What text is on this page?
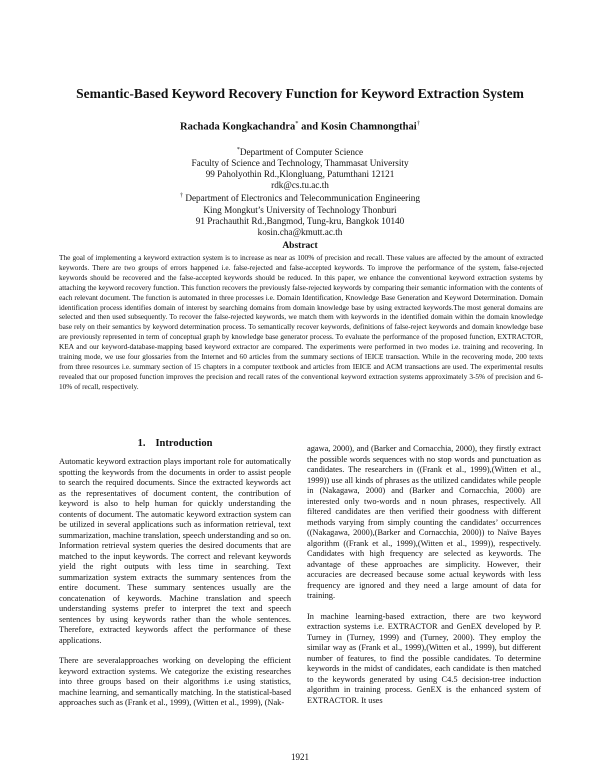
Semantic-Based Keyword Recovery Function for Keyword Extraction System
Rachada Kongkachandra* and Kosin Chamnongthai†
*Department of Computer Science
Faculty of Science and Technology, Thammasat University
99 Paholyothin Rd.,Klongluang, Patumthani 12121
rdk@cs.tu.ac.th
† Department of Electronics and Telecommunication Engineering
King Mongkut’s University of Technology Thonburi
91 Prachauthit Rd.,Bangmod, Tung-kru, Bangkok 10140
kosin.cha@kmutt.ac.th
Abstract
The goal of implementing a keyword extraction system is to increase as near as 100% of precision and recall. These values are affected by the amount of extracted keywords. There are two groups of errors happened i.e. false-rejected and false-accepted keywords. To improve the performance of the system, false-rejected keywords should be recovered and the false-accepted keywords should be reduced. In this paper, we enhance the conventional keyword extraction systems by attaching the keyword recovery function. This function recovers the previously false-rejected keywords by comparing their semantic information with the contents of each relevant document. The function is automated in three processes i.e. Domain Identification, Knowledge Base Generation and Keyword Determination. Domain identification process identifies domain of interest by searching domains from domain knowledge base by using extracted keywords.The most general domains are selected and then used subsequently. To recover the false-rejected keywords, we match them with keywords in the identified domain within the domain knowledge base rely on their semantics by keyword determination process. To semantically recover keywords, definitions of false-reject keywords and domain knowledge base are previously represented in term of conceptual graph by knowledge base generator process. To evaluate the performance of the proposed function, EXTRACTOR, KEA and our keyword-database-mapping based keyword extractor are compared. The experiments were performed in two modes i.e. training and recovering. In training mode, we use four glossaries from the Internet and 60 articles from the summary sections of IEICE transaction. While in the recovering mode, 200 texts from three resources i.e. summary section of 15 chapters in a computer textbook and articles from IEICE and ACM transactions are used. The experimental results revealed that our proposed function improves the precision and recall rates of the conventional keyword extraction systems approximately 3-5% of precision and 6-10% of recall, respectively.
1. Introduction

Automatic keyword extraction plays important role for automatically spotting the keywords from the documents in order to assist people to search the required documents. Since the extracted keywords act as the representatives of document content, the contribution of keyword is also to help human for quickly understanding the contents of document. The automatic keyword extraction system can be utilized in several applications such as information retrieval, text summarization, machine translation, speech understanding and so on. Information retrieval system queries the desired documents that are matched to the input keywords. The correct and relevant keywords yield the right outputs with less time in searching. Text summarization system extracts the summary sentences from the entire document. These summary sentences usually are the concatenation of keywords. Machine translation and speech understanding systems prefer to interpret the text and speech sentences by using keywords rather than the whole sentences. Therefore, extracted keywords affect the performance of these applications.

There are severalapproaches working on developing the efficient keyword extraction systems. We categorize the existing researches into three groups based on their algorithms i.e using statistics, machine learning, and semantically matching. In the statistical-based approaches such as (Frank et al., 1999), (Witten et al., 1999), (Nak-

agawa, 2000), and (Barker and Cornacchia, 2000), they firstly extract the possible words sequences with no stop words and punctuation as candidates. The researchers in ((Frank et al., 1999),(Witten et al., 1999)) use all kinds of phrases as the utilized candidates while people in (Nakagawa, 2000) and (Barker and Cornacchia, 2000) are interested only two-words and n noun phrases, respectively. All filtered candidates are then verified their goodness with different methods varying from simply counting the candidates’ occurrences ((Nakagawa, 2000),(Barker and Cornacchia, 2000)) to Naïve Bayes algorithm ((Frank et al., 1999),(Witten et al., 1999)), respectively. Candidates with high frequency are selected as keywords. The advantage of these approaches are simplicity. However, their accuracies are decreased because some actual keywords with less frequency are ignored and they need a large amount of data for training.

In machine learning-based extraction, there are two keyword extraction systems i.e. EXTRACTOR and GenEX developed by P. Turney in (Turney, 1999) and (Turney, 2000). They employ the similar way as (Frank et al., 1999),(Witten et al., 1999), but different number of features, to find the possible candidates. To determine keywords in the midst of candidates, each candidate is then matched to the keywords generated by using C4.5 decision-tree induction algorithm in training process. GenEX is the enhanced system of EXTRACTOR. It uses

1921
